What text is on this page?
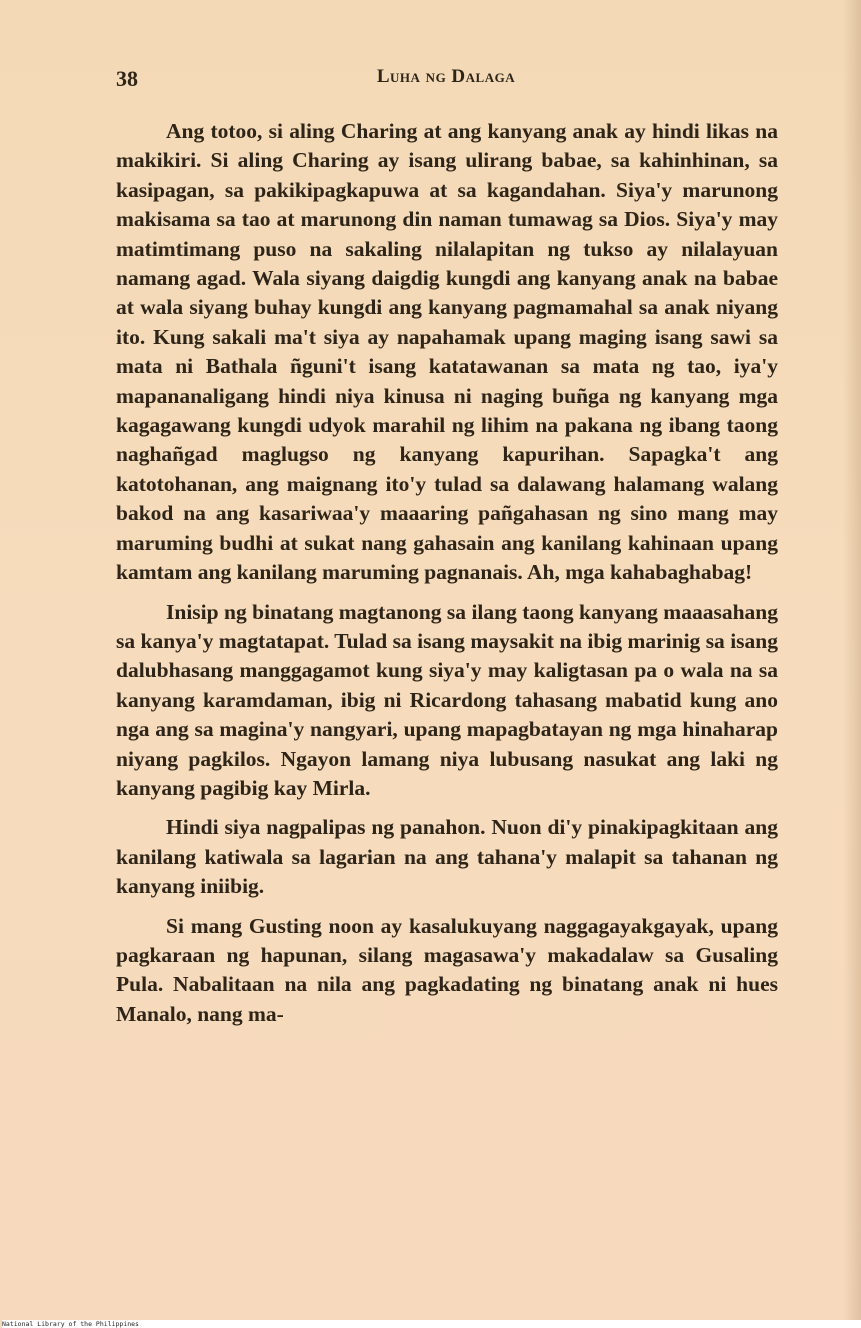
38	Luha ng Dalaga

Ang totoo, si aling Charing at ang kanyang anak ay hindi likas na makikiri. Si aling Charing ay isang ulirang babae, sa kahinhinan, sa kasipagan, sa pakikipagkapuwa at sa kagandahan. Siya'y marunong makisama sa tao at marunong din naman tumawag sa Dios. Siya'y may matimtimang puso na sakaling nilalapitan ng tukso ay nilalayuan namang agad. Wala siyang daigdig kungdi ang kanyang anak na babae at wala siyang buhay kungdi ang kanyang pagmamahal sa anak niyang ito. Kung sakali ma't siya ay napahamak upang maging isang sawi sa mata ni Bathala ñguni't isang katatawanan sa mata ng tao, iya'y mapananaligang hindi niya kinusa ni naging buñga ng kanyang mga kagagawang kungdi udyok marahil ng lihim na pakana ng ibang taong naghañgad maglugso ng kanyang kapurihan. Sapagka't ang katotohanan, ang maignang ito'y tulad sa dalawang halamang walang bakod na ang kasariwaa'y maaaring pañgahasan ng sino mang may maruming budhi at sukat nang gahasain ang kanilang kahinaan upang kamtam ang kanilang maruming pagnanais. Ah, mga kahabaghabag!

Inisip ng binatang magtanong sa ilang taong kanyang maaasahang sa kanya'y magtatapat. Tulad sa isang maysakit na ibig marinig sa isang dalubhasang manggagamot kung siya'y may kaligtasan pa o wala na sa kanyang karamdaman, ibig ni Ricardong tahasang mabatid kung ano nga ang sa magina'y nangyari, upang mapagbatayan ng mga hinaharap niyang pagkilos. Ngayon lamang niya lubusang nasukat ang laki ng kanyang pagibig kay Mirla.

Hindi siya nagpalipas ng panahon. Nuon di'y pinakipagkitaan ang kanilang katiwala sa lagarian na ang tahana'y malapit sa tahanan ng kanyang iniibig.

Si mang Gusting noon ay kasalukuyang naggagayakgayak, upang pagkaraan ng hapunan, silang magasawa'y makadalaw sa Gusaling Pula. Nabalitaan na nila ang pagkadating ng binatang anak ni hues Manalo, nang ma-

National Library of the Philippines
